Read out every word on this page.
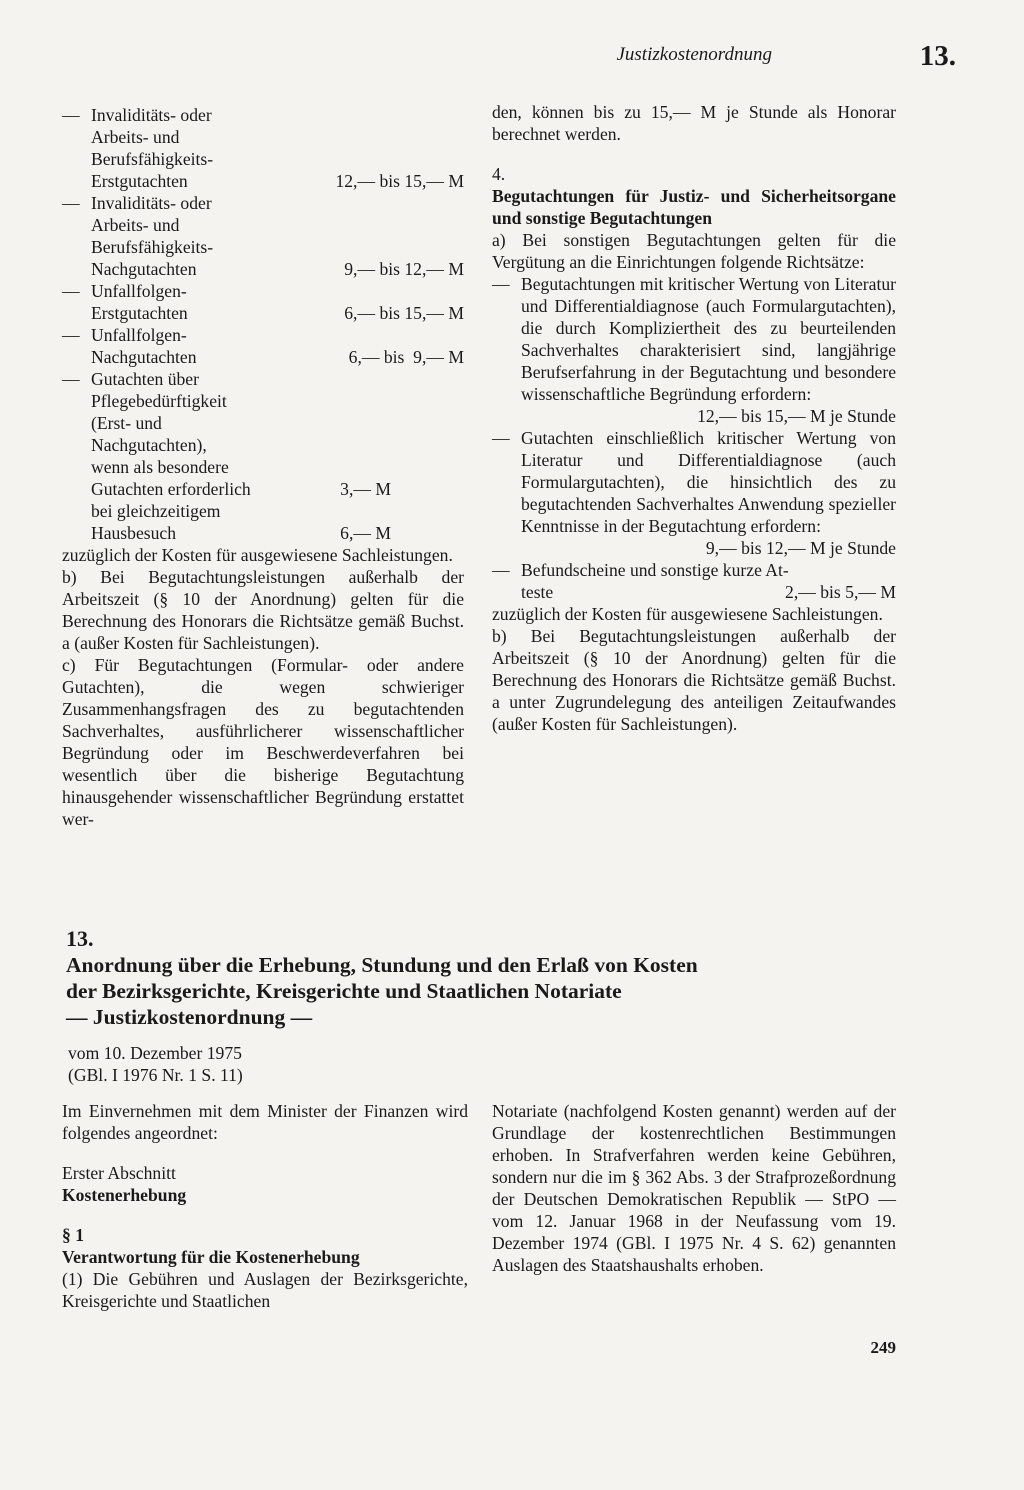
Justizkostenordnung	13.
— Invaliditäts- oder
Arbeits- und
Berufsfähigkeits-
Erstgutachten	12,— bis 15,— M
— Invaliditäts- oder
Arbeits- und
Berufsfähigkeits-
Nachgutachten	9,— bis 12,— M
— Unfallfolgen-
Erstgutachten	6,— bis 15,— M
— Unfallfolgen-
Nachgutachten	6,— bis  9,— M
— Gutachten über
Pflegebedürftigkeit
(Erst- und
Nachgutachten),
wenn als besondere
Gutachten erforderlich	3,— M
bei gleichzeitigem
Hausbesuch	6,— M

zuzüglich der Kosten für ausgewiesene Sachleistungen.

b) Bei Begutachtungsleistungen außerhalb der Arbeitszeit (§ 10 der Anordnung) gelten für die Berechnung des Honorars die Richtsätze gemäß Buchst. a (außer Kosten für Sachleistungen).

c) Für Begutachtungen (Formular- oder andere Gutachten), die wegen schwieriger Zusammenhangsfragen des zu begutachtenden Sachverhaltes, ausführlicherer wissenschaftlicher Begründung oder im Beschwerdeverfahren bei wesentlich über die bisherige Begutachtung hinausgehender wissenschaftlicher Begründung erstattet wer-

den, können bis zu 15,— M je Stunde als Honorar berechnet werden.

4.

Begutachtungen für Justiz- und Sicherheitsorgane und sonstige Begutachtungen

a) Bei sonstigen Begutachtungen gelten für die Vergütung an die Einrichtungen folgende Richtsätze:

— Begutachtungen mit kritischer Wertung von Literatur und Differentialdiagnose (auch Formulargutachten), die durch Kompliziertheit des zu beurteilenden Sachverhaltes charakterisiert sind, langjährige Berufserfahrung in der Begutachtung und besondere wissenschaftliche Begründung erfordern:

12,— bis 15,— M je Stunde
— Gutachten einschließlich kritischer Wertung von Literatur und Differentialdiagnose (auch Formulargutachten), die hinsichtlich des zu begutachtenden Sachverhaltes Anwendung spezieller Kenntnisse in der Begutachtung erfordern:

9,— bis 12,— M je Stunde
— Befundscheine und sonstige kurze At-
teste	2,— bis 5,— M

zuzüglich der Kosten für ausgewiesene Sachleistungen.

b) Bei Begutachtungsleistungen außerhalb der Arbeitszeit (§ 10 der Anordnung) gelten für die Berechnung des Honorars die Richtsätze gemäß Buchst. a unter Zugrundelegung des anteiligen Zeitaufwandes (außer Kosten für Sachleistungen).

13.
Anordnung über die Erhebung, Stundung und den Erlaß von Kosten
der Bezirksgerichte, Kreisgerichte und Staatlichen Notariate
— Justizkostenordnung —
vom 10. Dezember 1975
(GBl. I 1976 Nr. 1 S. 11)

Im Einvernehmen mit dem Minister der Finanzen wird folgendes angeordnet:

Erster Abschnitt
Kostenerhebung
§ 1
Verantwortung für die Kostenerhebung

(1) Die Gebühren und Auslagen der Bezirksgerichte, Kreisgerichte und Staatlichen

Notariate (nachfolgend Kosten genannt) werden auf der Grundlage der kostenrechtlichen Bestimmungen erhoben. In Strafverfahren werden keine Gebühren, sondern nur die im § 362 Abs. 3 der Strafprozeßordnung der Deutschen Demokratischen Republik — StPO — vom 12. Januar 1968 in der Neufassung vom 19. Dezember 1974 (GBl. I 1975 Nr. 4 S. 62) genannten Auslagen des Staatshaushalts erhoben.

249
